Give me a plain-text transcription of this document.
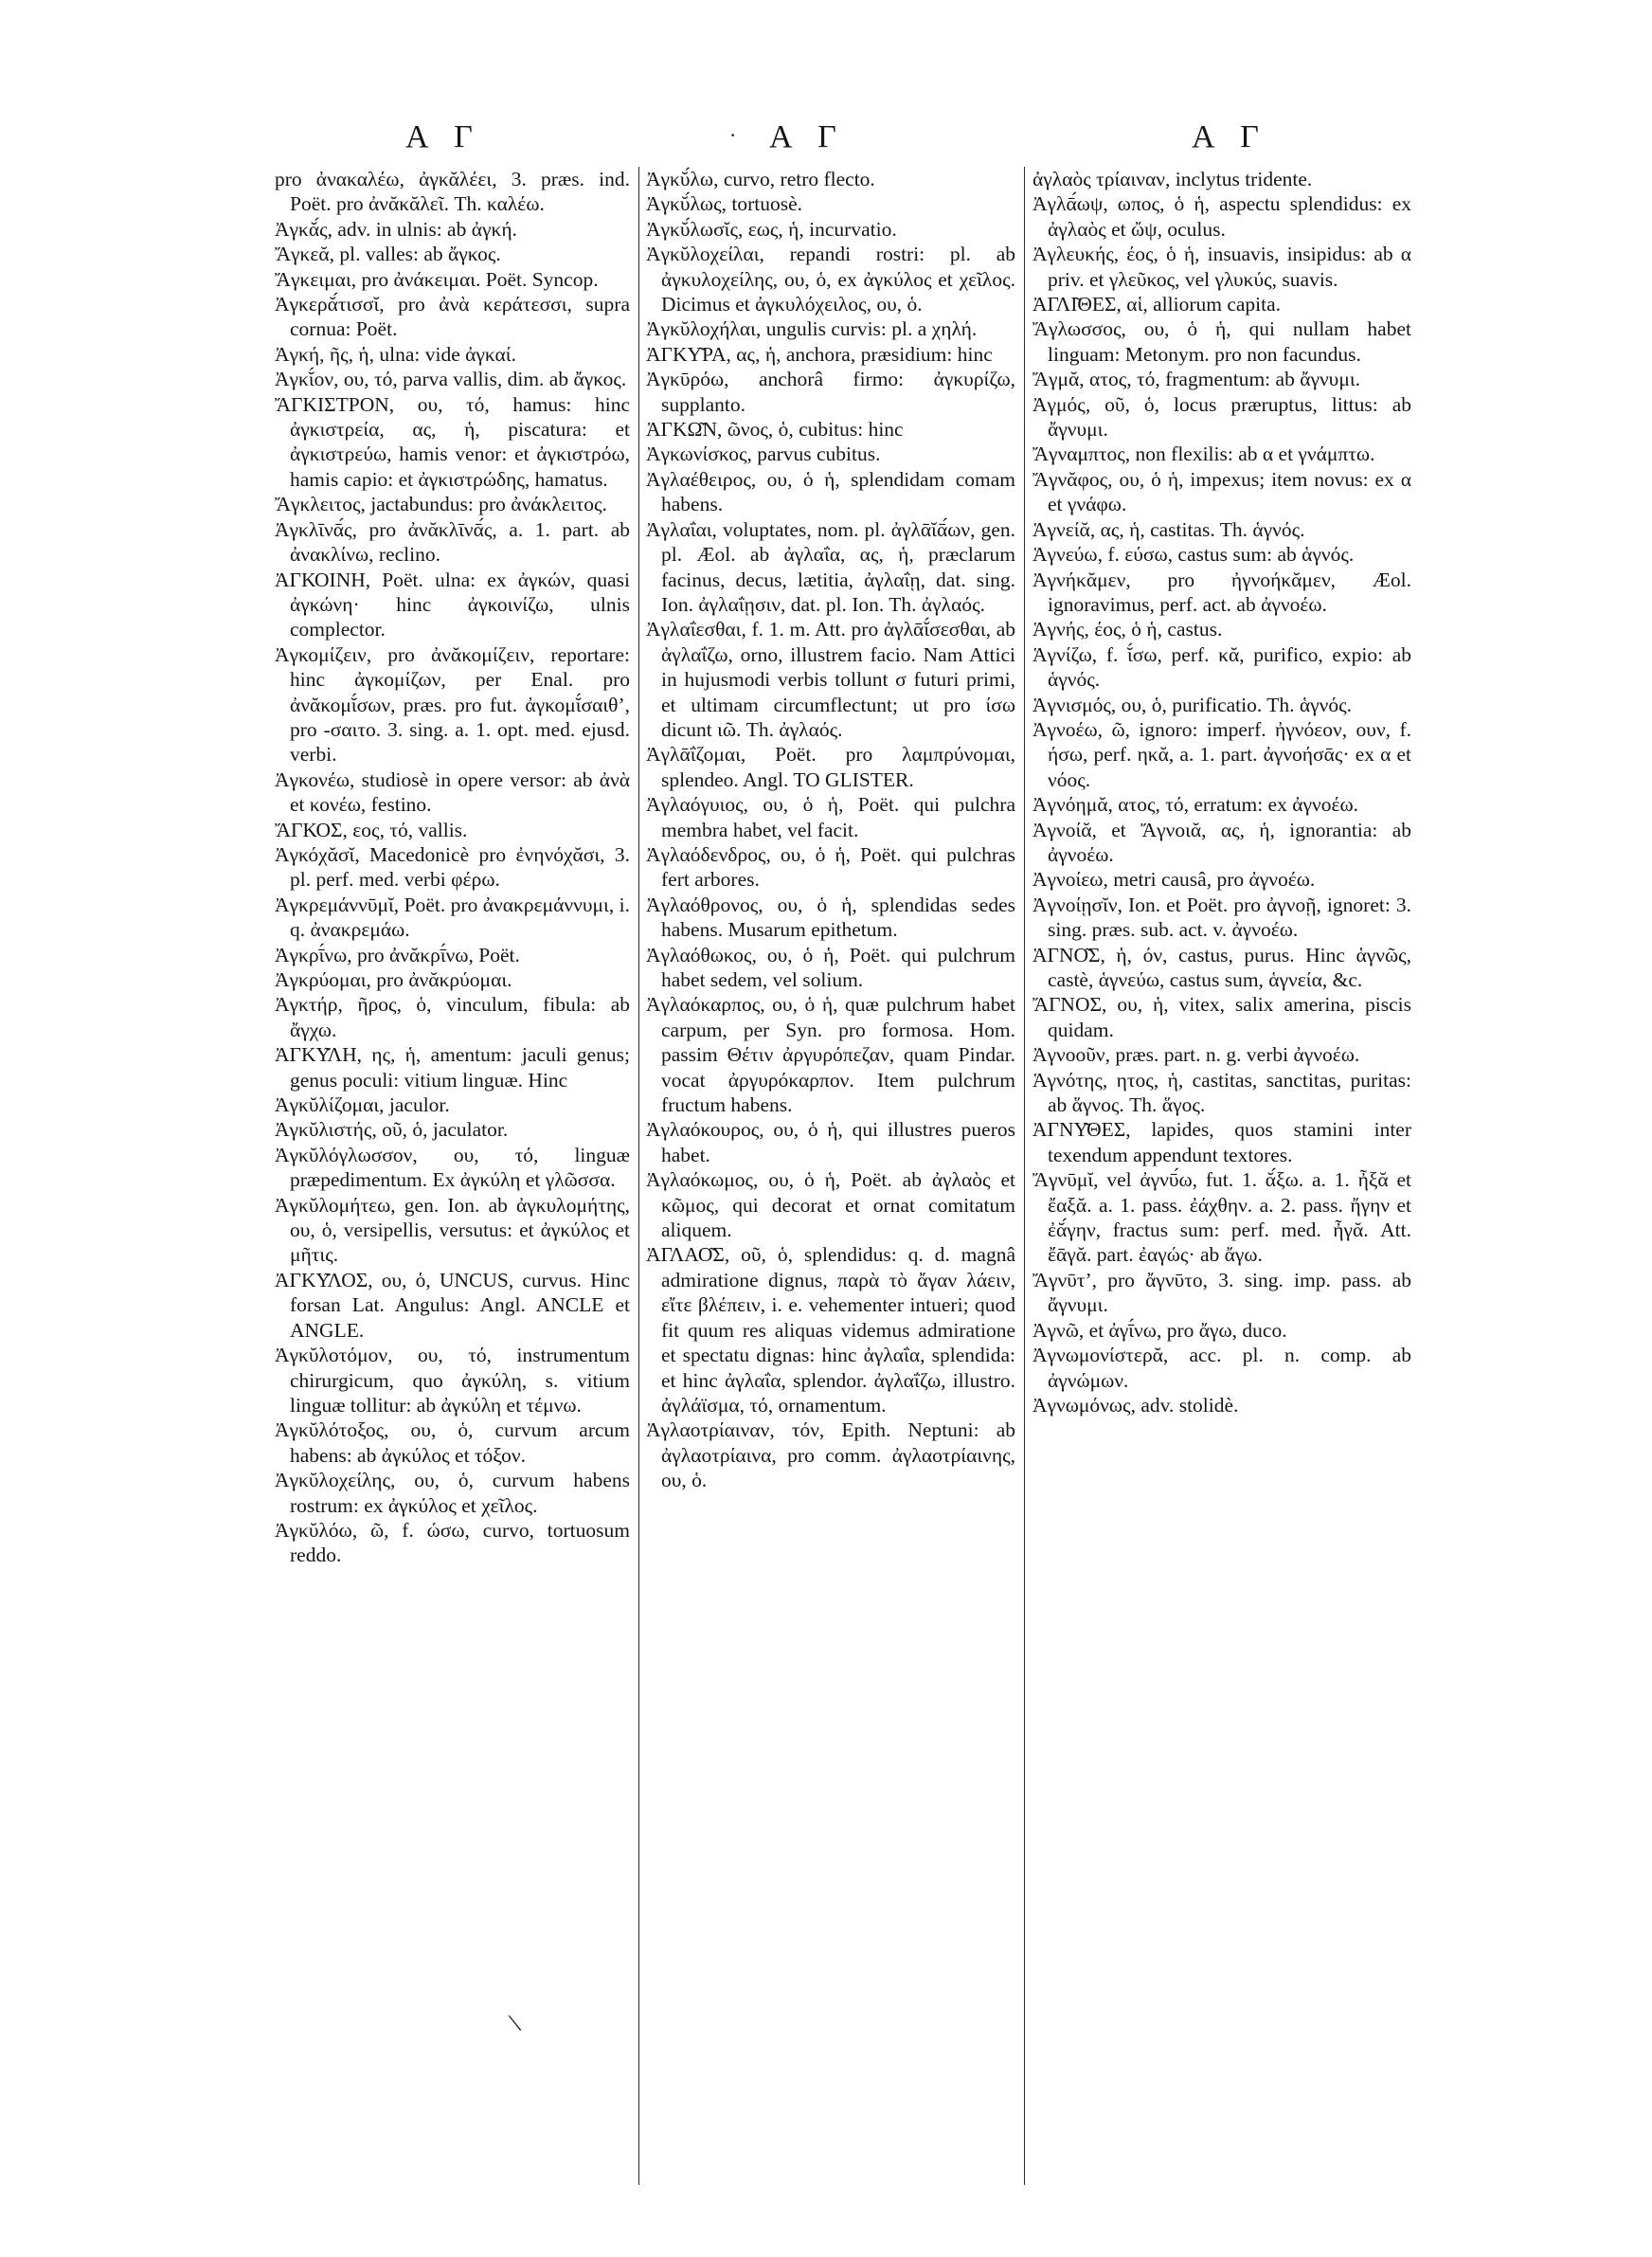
Α Γ	· Α Γ	Α Γ

pro ἀνακαλέω, ἀγκᾰλέει, 3. præs. ind. Poët. pro ἀνᾰκᾰλεῖ. Th. καλέω.

Ἀγκᾰ́ς, adv. in ulnis: ab ἀγκή.

Ἄγκεᾰ, pl. valles: ab ἄγκος.

Ἄγκειμαι, pro ἀνάκειμαι. Poët. Syncop.

Ἀγκερᾰ́τισσῐ, pro ἀνὰ κεράτεσσι, supra cornua: Poët.

Ἀγκή, ῆς, ἡ, ulna: vide ἀγκαί.

Ἀγκῐ́ον, ου, τό, parva vallis, dim. ab ἄγκος.

ἌΓΚΙΣΤΡΟΝ, ου, τό, hamus: hinc ἀγκιστρεία, ας, ἡ, piscatura: et ἀγκιστρεύω, hamis venor: et ἀγκιστρόω, hamis capio: et ἀγκιστρώδης, hamatus.

Ἄγκλειτος, jactabundus: pro ἀνάκλειτος.

Ἀγκλῑνᾱ́ς, pro ἀνᾰκλῑνᾱ́ς, a. 1. part. ab ἀνακλίνω, reclino.

ἈΓΚΟΙΝΗ, Poët. ulna: ex ἀγκών, quasi ἀγκώνη· hinc ἀγκοινίζω, ulnis complector.

Ἀγκομίζειν, pro ἀνᾰκομίζειν, reportare: hinc ἀγκομίζων, per Enal. pro ἀνᾰκομῐ́σων, præs. pro fut. ἀγκομῐ́σαιθ’, pro -σαιτο. 3. sing. a. 1. opt. med. ejusd. verbi.

Ἀγκονέω, studiosè in opere versor: ab ἀνὰ et κονέω, festino.

ἌΓΚΟΣ, εος, τό, vallis.

Ἀγκόχᾰσῐ, Macedonicè pro ἐνηνόχᾰσι, 3. pl. perf. med. verbi φέρω.

Ἀγκρεμάννῡμῐ, Poët. pro ἀνακρεμάννυμι, i. q. ἀνακρεμάω.

Ἀγκρῑ́νω, pro ἀνᾰκρῑ́νω, Poët.

Ἀγκρύομαι, pro ἀνᾰκρύομαι.

Ἀγκτήρ, ῆρος, ὁ, vinculum, fibula: ab ἄγχω.

ἈΓΚΥ͂ΛΗ, ης, ἡ, amentum: jaculi genus; genus poculi: vitium linguæ. Hinc

Ἀγκῠλίζομαι, jaculor.

Ἀγκῠλιστής, οῦ, ὁ, jaculator.

Ἀγκῠλόγλωσσον, ου, τό, linguæ præpedimentum. Ex ἀγκύλη et γλῶσσα.

Ἀγκῠλομήτεω, gen. Ion. ab ἀγκυλομήτης, ου, ὁ, versipellis, versutus: et ἀγκύλος et μῆτις.

ἈΓΚΥ͂ΛΟΣ, ου, ὁ, UNCUS, curvus. Hinc forsan Lat. Angulus: Angl. ANCLE et ANGLE.

Ἀγκῠλοτόμον, ου, τό, instrumentum chirurgicum, quo ἀγκύλη, s. vitium linguæ tollitur: ab ἀγκύλη et τέμνω.

Ἀγκῠλότοξος, ου, ὁ, curvum arcum habens: ab ἀγκύλος et τόξον.

Ἀγκῠλοχείλης, ου, ὁ, curvum habens rostrum: ex ἀγκύλος et χεῖλος.

Ἀγκῠλόω, ῶ, f. ώσω, curvo, tortuosum reddo.

Ἀγκῠ́λω, curvo, retro flecto.

Ἀγκῠ́λως, tortuosè.

Ἀγκῠ́λωσῐς, εως, ἡ, incurvatio.

Ἀγκῠλοχείλαι, repandi rostri: pl. ab ἀγκυλοχείλης, ου, ὁ, ex ἀγκύλος et χεῖλος. Dicimus et ἀγκυλόχειλος, ου, ὁ.

Ἀγκῠλοχήλαι, ungulis curvis: pl. a χηλή.

ἈΓΚΥ͂ΡΑ, ας, ἡ, anchora, præsidium: hinc

Ἀγκῡρόω, anchorâ firmo: ἀγκυρίζω, supplanto.

ἈΓΚΩ͂Ν, ῶνος, ὁ, cubitus: hinc

Ἀγκωνίσκος, parvus cubitus.

Ἀγλαέθειρος, ου, ὁ ἡ, splendidam comam habens.

Ἀγλαΐαι, voluptates, nom. pl. ἀγλᾱῐᾱ́ων, gen. pl. Æol. ab ἀγλαΐα, ας, ἡ, præclarum facinus, decus, lætitia, ἀγλαΐῃ, dat. sing. Ion. ἀγλαΐῃσιν, dat. pl. Ion. Th. ἀγλαός.

Ἀγλαΐεσθαι, f. 1. m. Att. pro ἀγλᾱῐ́σεσθαι, ab ἀγλαΐζω, orno, illustrem facio. Nam Attici in hujusmodi verbis tollunt σ futuri primi, et ultimam circumflectunt; ut pro ίσω dicunt ιῶ. Th. ἀγλαός.

Ἀγλᾱΐζομαι, Poët. pro λαμπρύνομαι, splendeo. Angl. TO GLISTER.

Ἀγλαόγυιος, ου, ὁ ἡ, Poët. qui pulchra membra habet, vel facit.

Ἀγλαόδενδρος, ου, ὁ ἡ, Poët. qui pulchras fert arbores.

Ἀγλαόθρονος, ου, ὁ ἡ, splendidas sedes habens. Musarum epithetum.

Ἀγλαόθωκος, ου, ὁ ἡ, Poët. qui pulchrum habet sedem, vel solium.

Ἀγλαόκαρπος, ου, ὁ ἡ, quæ pulchrum habet carpum, per Syn. pro formosa. Hom. passim Θέτιν ἀργυρόπεζαν, quam Pindar. vocat ἀργυρόκαρπον. Item pulchrum fructum habens.

Ἀγλαόκουρος, ου, ὁ ἡ, qui illustres pueros habet.

Ἀγλαόκωμος, ου, ὁ ἡ, Poët. ab ἀγλαὸς et κῶμος, qui decorat et ornat comitatum aliquem.

ἈΓΛΑΟ͂Σ, οῦ, ὁ, splendidus: q. d. magnâ admiratione dignus, παρὰ τὸ ἄγαν λάειν, εἴτε βλέπειν, i. e. vehementer intueri; quod fit quum res aliquas videmus admiratione et spectatu dignas: hinc ἀγλαΐα, splendida: et hinc ἀγλαΐα, splendor. ἀγλαΐζω, illustro. ἀγλάϊσμα, τό, ornamentum.

Ἀγλαοτρίαιναν, τόν, Epith. Neptuni: ab ἀγλαοτρίαινα, pro comm. ἀγλαοτρίαινης, ου, ὁ.

ἀγλαὸς τρίαιναν, inclytus tridente.

Ἀγλᾱ́ωψ, ωπος, ὁ ἡ, aspectu splendidus: ex ἀγλαὸς et ὤψ, oculus.

Ἀγλευκής, έος, ὁ ἡ, insuavis, insipidus: ab α priv. et γλεῦκος, vel γλυκύς, suavis.

ἈΓΛΙ͂ΘΕΣ, αἱ, alliorum capita.

Ἄγλωσσος, ου, ὁ ἡ, qui nullam habet linguam: Metonym. pro non facundus.

Ἄγμᾰ, ατος, τό, fragmentum: ab ἄγνυμι.

Ἀγμός, οῦ, ὁ, locus præruptus, littus: ab ἄγνυμι.

Ἄγναμπτος, non flexilis: ab α et γνάμπτω.

Ἄγνᾰφος, ου, ὁ ἡ, impexus; item novus: ex α et γνάφω.

Ἁγνείᾰ, ας, ἡ, castitas. Th. ἁγνός.

Ἁγνεύω, f. εύσω, castus sum: ab ἁγνός.

Ἀγνήκᾰμεν, pro ἠγνοήκᾰμεν, Æol. ignoravimus, perf. act. ab ἀγνοέω.

Ἁγνής, έος, ὁ ἡ, castus.

Ἁγνίζω, f. ῐ́σω, perf. κᾰ, purifico, expio: ab ἁγνός.

Ἁγνισμός, ου, ὁ, purificatio. Th. ἁγνός.

Ἀγνοέω, ῶ, ignoro: imperf. ἠγνόεον, ουν, f. ήσω, perf. ηκᾰ, a. 1. part. ἀγνοήσᾱς· ex α et νόος.

Ἀγνόημᾰ, ατος, τό, erratum: ex ἀγνοέω.

Ἀγνοίᾰ, et Ἄγνοιᾰ, ας, ἡ, ignorantia: ab ἀγνοέω.

Ἀγνοίεω, metri causâ, pro ἀγνοέω.

Ἀγνοίῃσῐν, Ion. et Poët. pro ἀγνοῇ, ignoret: 3. sing. præs. sub. act. v. ἀγνοέω.

ἉΓΝΟ͂Σ, ἡ, όν, castus, purus. Hinc ἁγνῶς, castè, ἁγνεύω, castus sum, ἁγνεία, &c.

ἌΓΝΟΣ, ου, ἡ, vitex, salix amerina, piscis quidam.

Ἀγνοοῦν, præs. part. n. g. verbi ἀγνοέω.

Ἁγνότης, ητος, ἡ, castitas, sanctitas, puritas: ab ἅγνος. Th. ἅγος.

ἈΓΝΥ͂ΘΕΣ, lapides, quos stamini inter texendum appendunt textores.

Ἄγνῡμῐ, vel ἀγνῡ́ω, fut. 1. ᾰ́ξω. a. 1. ἦξᾰ et ἔαξᾰ. a. 1. pass. ἐάχθην. a. 2. pass. ἤγην et ἐᾰ́γην, fractus sum: perf. med. ἦγᾰ. Att. ἔᾱγᾰ. part. ἐαγώς· ab ἄγω.

Ἄγνῡτ’, pro ἄγνῡτο, 3. sing. imp. pass. ab ἄγνυμι.

Ἀγνῶ, et ἀγῑ́νω, pro ἄγω, duco.

Ἀγνωμονίστερᾰ, acc. pl. n. comp. ab ἀγνώμων.

Ἀγνωμόνως, adv. stolidè.

\
